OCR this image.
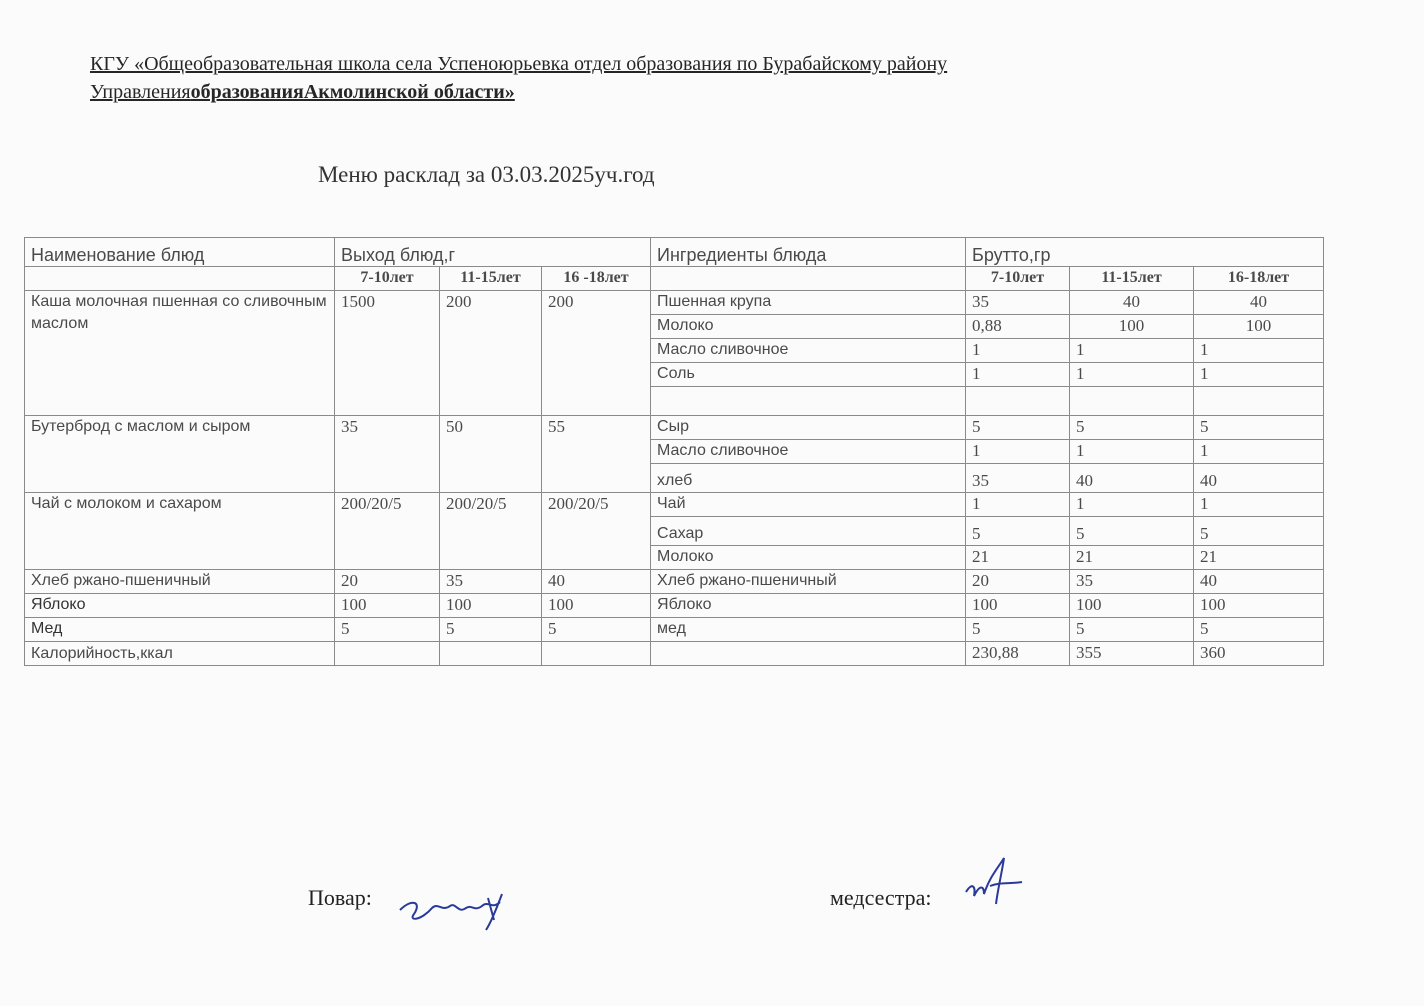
КГУ «Общеобразовательная школа села Успеноюрьевка отдел образования по Бурабайскому району
УправленияобразованияАкмолинской области»
Меню расклад за 03.03.2025уч.год
Наименование блюд	Выход блюд,г			Ингредиенты блюда	Брутто,гр		
	7-10лет	11-15лет	16 -18лет		7-10лет	11-15лет	16-18лет
Каша молочная пшенная со сливочным маслом	1500	200	200	Пшенная крупа	35	40	40
				Молоко	0,88	100	100
				Масло сливочное	1	1	1
				Соль	1	1	1

Бутерброд с маслом и сыром	35	50	55	Сыр	5	5	5
				Масло сливочное	1	1	1
				хлеб	35	40	40
Чай с молоком и сахаром	200/20/5	200/20/5	200/20/5	Чай	1	1	1
				Сахар	5	5	5
				Молоко	21	21	21
Хлеб ржано-пшеничный	20	35	40	Хлеб ржано-пшеничный	20	35	40
Яблоко	100	100	100	Яблоко	100	100	100
Мед	5	5	5	мед	5	5	5
Калорийность,ккал					230,88	355	360
Повар:	медсестра:
